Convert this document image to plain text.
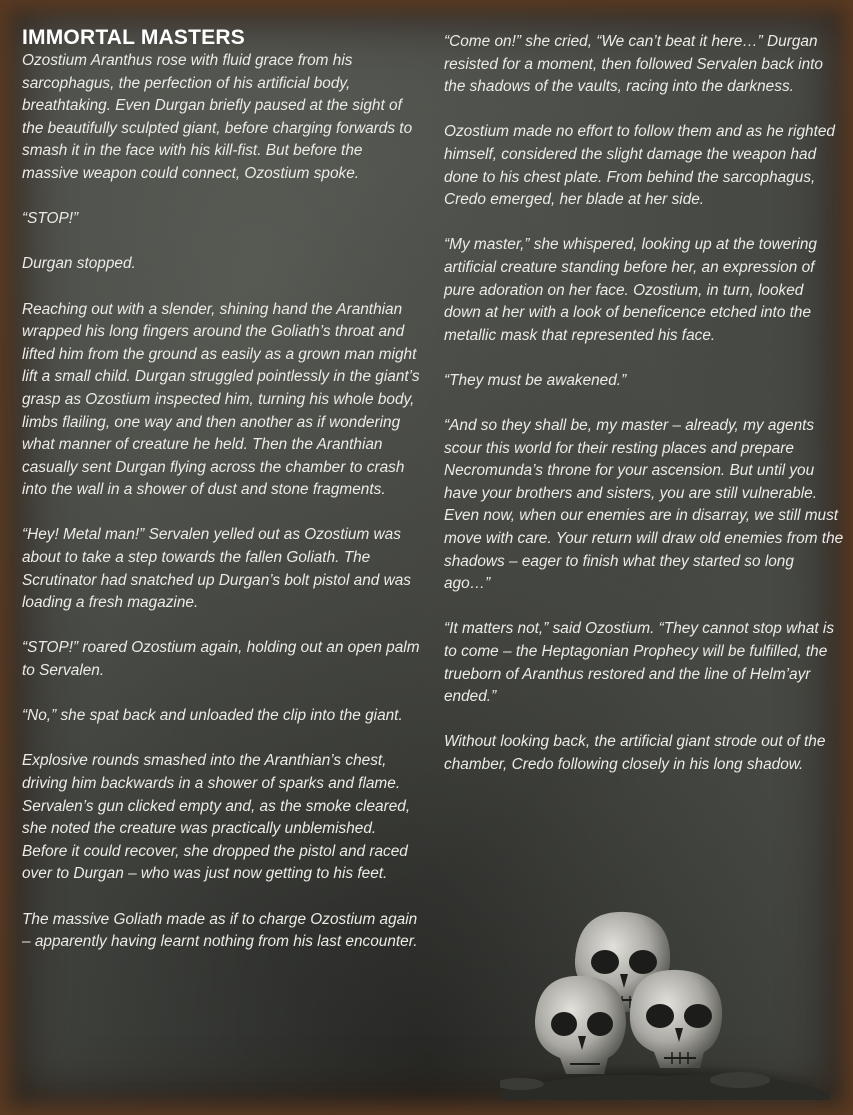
IMMORTAL MASTERS

Ozostium Aranthus rose with fluid grace from his sarcophagus, the perfection of his artificial body, breathtaking. Even Durgan briefly paused at the sight of the beautifully sculpted giant, before charging forwards to smash it in the face with his kill-fist. But before the massive weapon could connect, Ozostium spoke.

“STOP!”

Durgan stopped.

Reaching out with a slender, shining hand the Aranthian wrapped his long fingers around the Goliath’s throat and lifted him from the ground as easily as a grown man might lift a small child. Durgan struggled pointlessly in the giant’s grasp as Ozostium inspected him, turning his whole body, limbs flailing, one way and then another as if wondering what manner of creature he held. Then the Aranthian casually sent Durgan flying across the chamber to crash into the wall in a shower of dust and stone fragments.

“Hey! Metal man!” Servalen yelled out as Ozostium was about to take a step towards the fallen Goliath. The Scrutinator had snatched up Durgan’s bolt pistol and was loading a fresh magazine.

“STOP!” roared Ozostium again, holding out an open palm to Servalen.

“No,” she spat back and unloaded the clip into the giant.

Explosive rounds smashed into the Aranthian’s chest, driving him backwards in a shower of sparks and flame. Servalen’s gun clicked empty and, as the smoke cleared, she noted the creature was practically unblemished. Before it could recover, she dropped the pistol and raced over to Durgan – who was just now getting to his feet.

The massive Goliath made as if to charge Ozostium again – apparently having learnt nothing from his last encounter.

“Come on!” she cried, “We can’t beat it here…” Durgan resisted for a moment, then followed Servalen back into the shadows of the vaults, racing into the darkness.

Ozostium made no effort to follow them and as he righted himself, considered the slight damage the weapon had done to his chest plate. From behind the sarcophagus, Credo emerged, her blade at her side.

“My master,” she whispered, looking up at the towering artificial creature standing before her, an expression of pure adoration on her face. Ozostium, in turn, looked down at her with a look of beneficence etched into the metallic mask that represented his face.

“They must be awakened.”

“And so they shall be, my master – already, my agents scour this world for their resting places and prepare Necromunda’s throne for your ascension. But until you have your brothers and sisters, you are still vulnerable. Even now, when our enemies are in disarray, we still must move with care. Your return will draw old enemies from the shadows – eager to finish what they started so long ago…”

“It matters not,” said Ozostium. “They cannot stop what is to come – the Heptagonian Prophecy will be fulfilled, the trueborn of Aranthus restored and the line of Helm’ayr ended.”

Without looking back, the artificial giant strode out of the chamber, Credo following closely in his long shadow.
